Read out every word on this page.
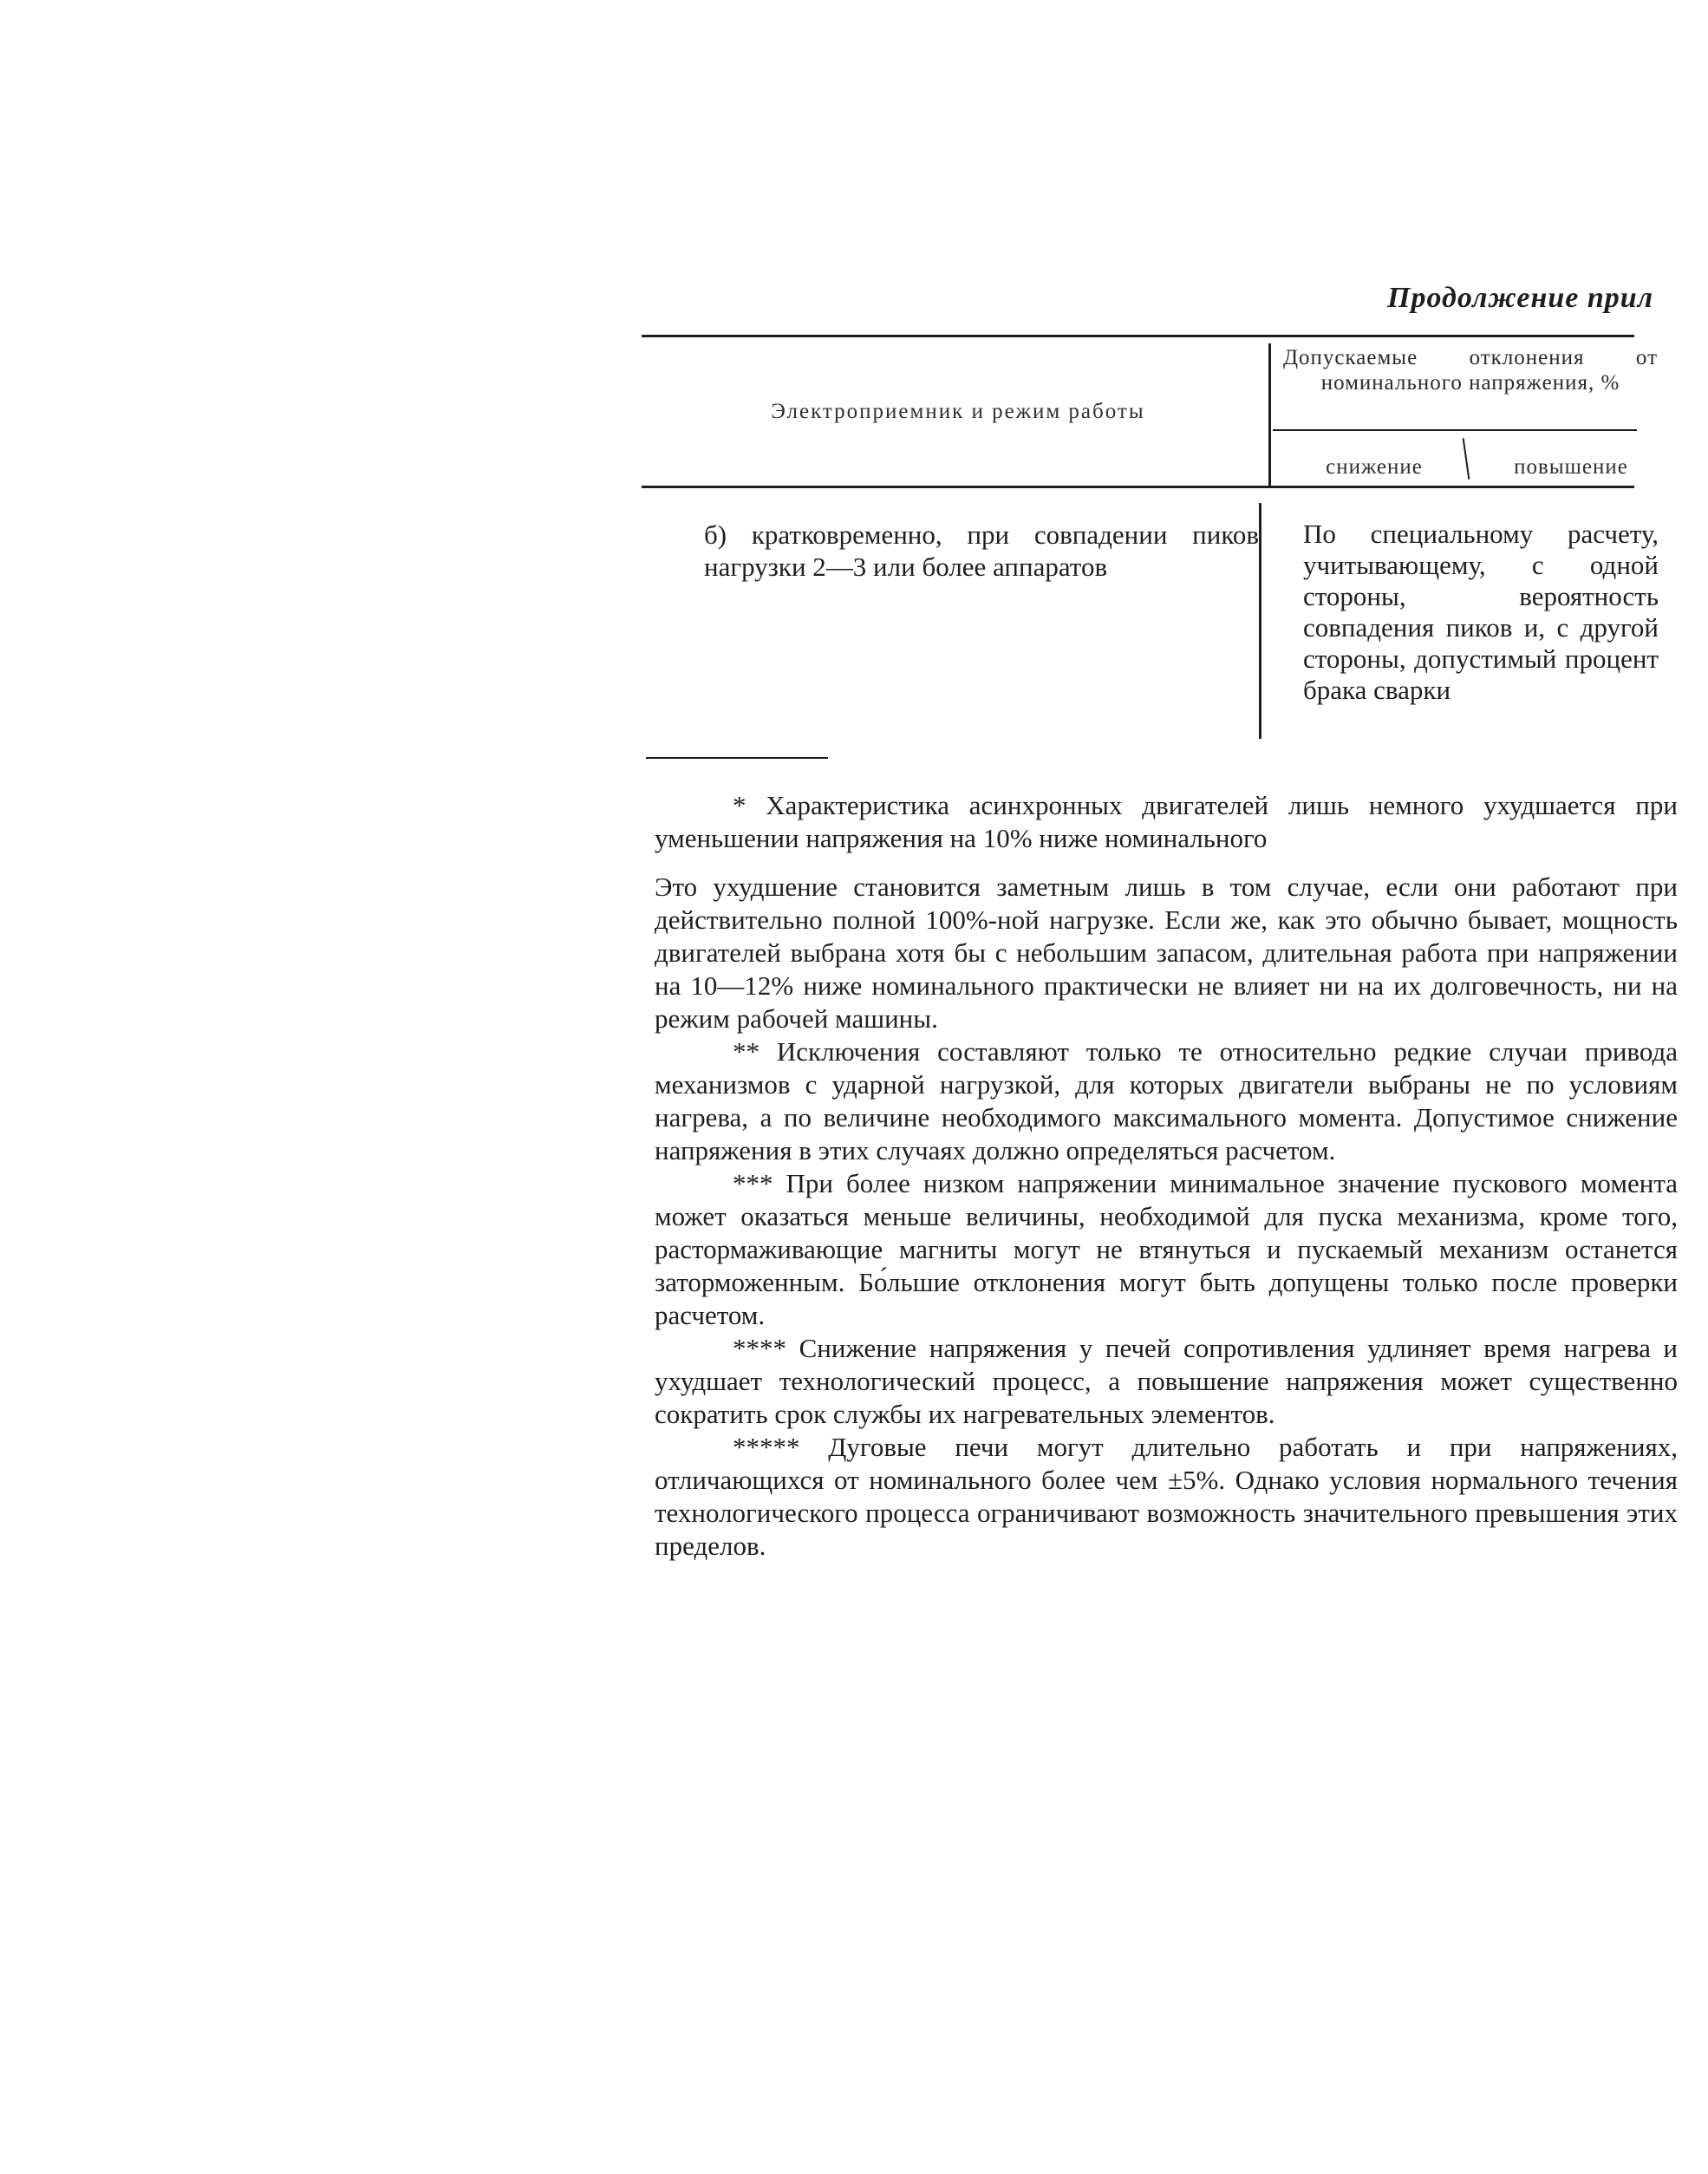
Продолжение прил
Электроприемник и режим работы
Допускаемые отклонения от номинального напряжения, %
снижение	повышение
б) кратковременно, при совпадении пиков нагрузки 2—3 или более аппаратов
По специальному расчету, учитывающему, с одной стороны, вероятность совпадения пиков и, с другой стороны, допустимый процент брака сварки

* Характеристика асинхронных двигателей лишь немного ухудшается при уменьшении напряжения на 10% ниже номинального

Это ухудшение становится заметным лишь в том случае, если они работают при действительно полной 100%-ной нагрузке. Если же, как это обычно бывает, мощность двигателей выбрана хотя бы с небольшим запасом, длительная работа при напряжении на 10—12% ниже номинального практически не влияет ни на их долговечность, ни на режим рабочей машины.

** Исключения составляют только те относительно редкие случаи привода механизмов с ударной нагрузкой, для которых двигатели выбраны не по условиям нагрева, а по величине необходимого максимального момента. Допустимое снижение напряжения в этих случаях должно определяться расчетом.

*** При более низком напряжении минимальное значение пускового момента может оказаться меньше величины, необходимой для пуска механизма, кроме того, растормаживающие магниты могут не втянуться и пускаемый механизм останется заторможенным. Бо́льшие отклонения могут быть допущены только после проверки расчетом.

**** Снижение напряжения у печей сопротивления удлиняет время нагрева и ухудшает технологический процесс, а повышение напряжения может существенно сократить срок службы их нагревательных элементов.

***** Дуговые печи могут длительно работать и при напряжениях, отличающихся от номинального более чем ±5%. Однако условия нормального течения технологического процесса ограничивают возможность значительного превышения этих пределов.
